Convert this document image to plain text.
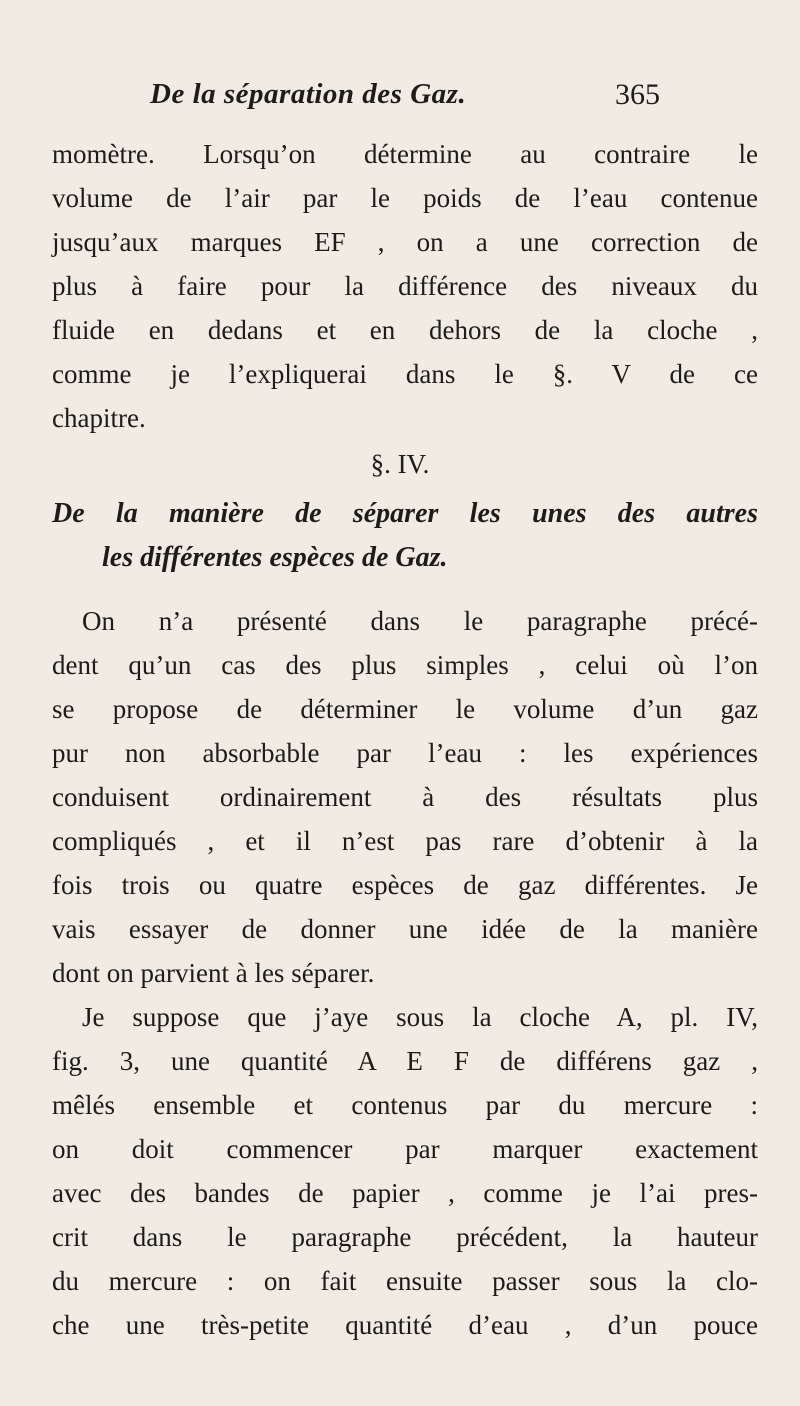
De la séparation des Gaz.	365
momètre. Lorsqu’on détermine au contraire le
volume de l’air par le poids de l’eau contenue
jusqu’aux marques EF , on a une correction de
plus à faire pour la différence des niveaux du
fluide en dedans et en dehors de la cloche ,
comme je l’expliquerai dans le §. V de ce
chapitre.
§. IV.
De la manière de séparer les unes des autres
les différentes espèces de Gaz.
On n’a présenté dans le paragraphe précé-
dent qu’un cas des plus simples , celui où l’on
se propose de déterminer le volume d’un gaz
pur non absorbable par l’eau : les expériences
conduisent ordinairement à des résultats plus
compliqués , et il n’est pas rare d’obtenir à la
fois trois ou quatre espèces de gaz différentes. Je
vais essayer de donner une idée de la manière
dont on parvient à les séparer.
Je suppose que j’aye sous la cloche A, pl. IV,
fig. 3, une quantité A E F de différens gaz ,
mêlés ensemble et contenus par du mercure :
on doit commencer par marquer exactement
avec des bandes de papier , comme je l’ai pres-
crit dans le paragraphe précédent, la hauteur
du mercure : on fait ensuite passer sous la clo-
che une très-petite quantité d’eau , d’un pouce
